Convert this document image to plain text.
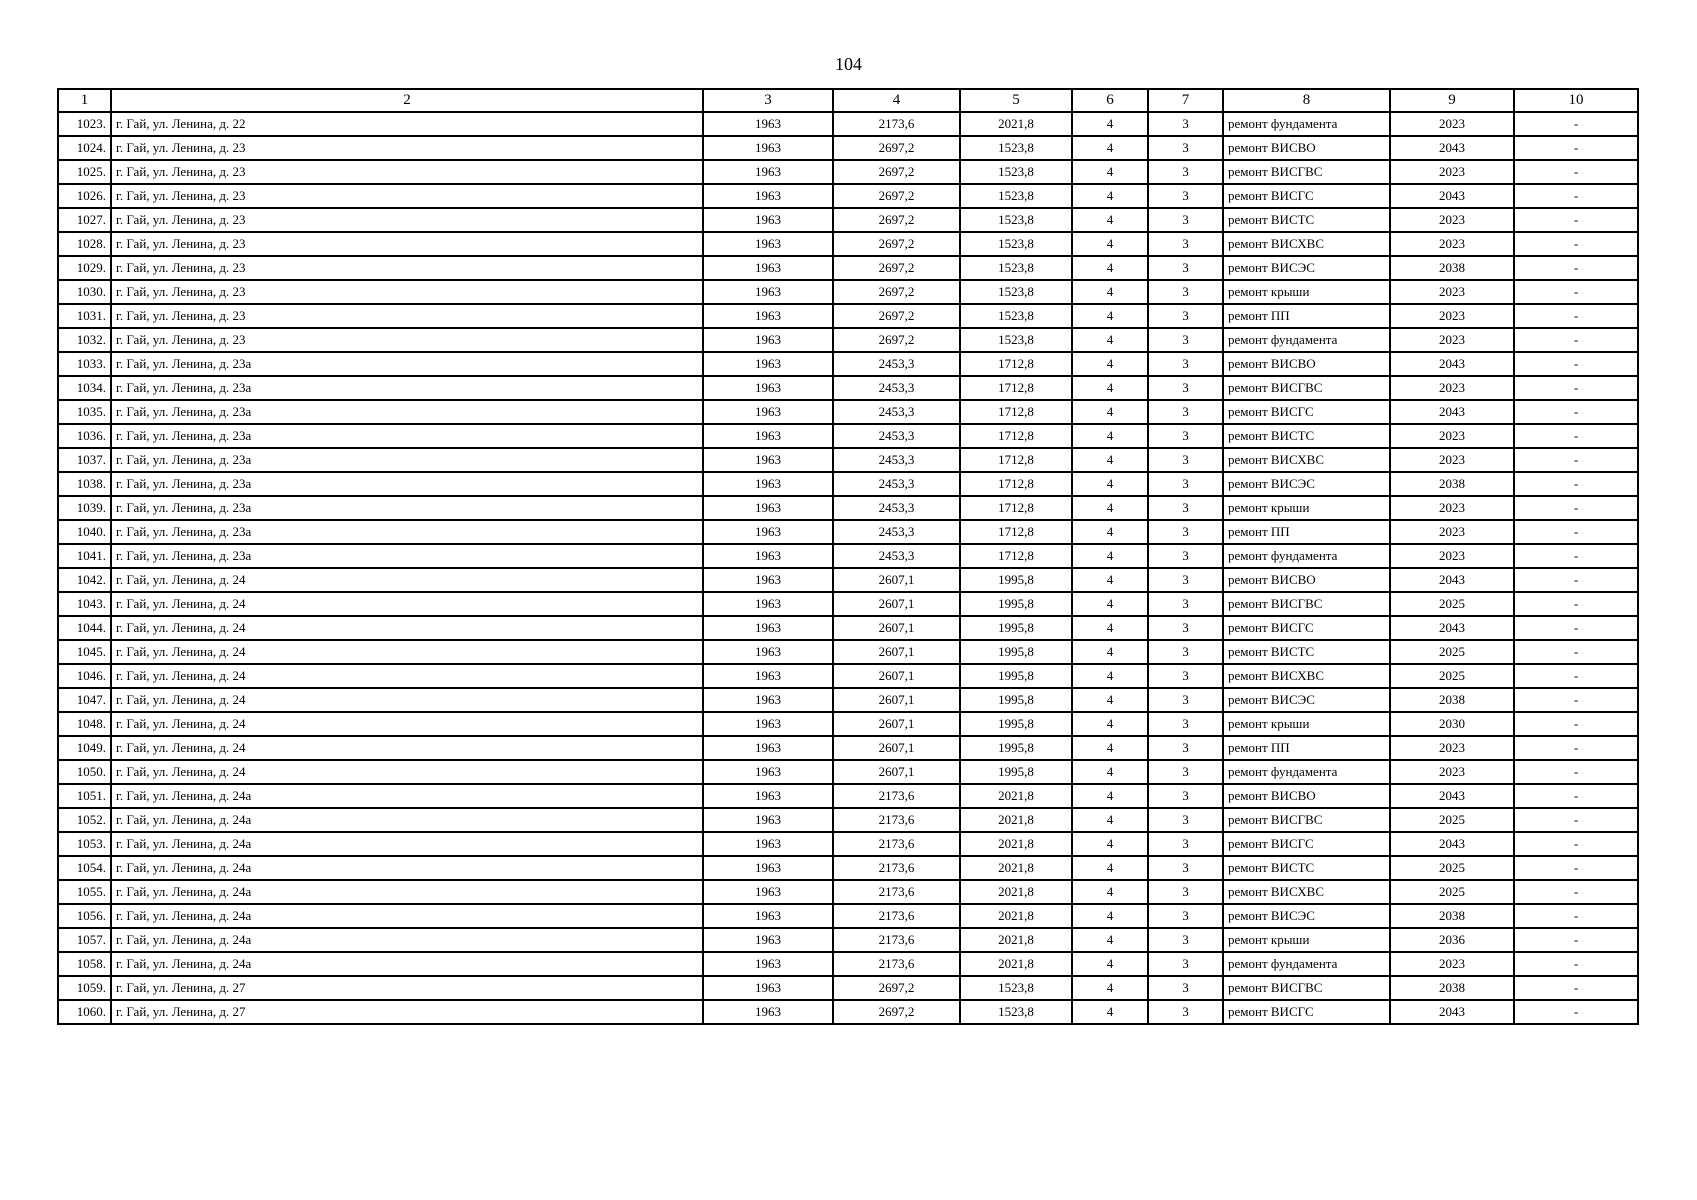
104
1	2	3	4	5	6	7	8	9	10
1023.	г. Гай, ул. Ленина, д. 22	1963	2173,6	2021,8	4	3	ремонт фундамента	2023	-
1024.	г. Гай, ул. Ленина, д. 23	1963	2697,2	1523,8	4	3	ремонт ВИСВО	2043	-
1025.	г. Гай, ул. Ленина, д. 23	1963	2697,2	1523,8	4	3	ремонт ВИСГВС	2023	-
1026.	г. Гай, ул. Ленина, д. 23	1963	2697,2	1523,8	4	3	ремонт ВИСГС	2043	-
1027.	г. Гай, ул. Ленина, д. 23	1963	2697,2	1523,8	4	3	ремонт ВИСТС	2023	-
1028.	г. Гай, ул. Ленина, д. 23	1963	2697,2	1523,8	4	3	ремонт ВИСХВС	2023	-
1029.	г. Гай, ул. Ленина, д. 23	1963	2697,2	1523,8	4	3	ремонт ВИСЭС	2038	-
1030.	г. Гай, ул. Ленина, д. 23	1963	2697,2	1523,8	4	3	ремонт крыши	2023	-
1031.	г. Гай, ул. Ленина, д. 23	1963	2697,2	1523,8	4	3	ремонт ПП	2023	-
1032.	г. Гай, ул. Ленина, д. 23	1963	2697,2	1523,8	4	3	ремонт фундамента	2023	-
1033.	г. Гай, ул. Ленина, д. 23а	1963	2453,3	1712,8	4	3	ремонт ВИСВО	2043	-
1034.	г. Гай, ул. Ленина, д. 23а	1963	2453,3	1712,8	4	3	ремонт ВИСГВС	2023	-
1035.	г. Гай, ул. Ленина, д. 23а	1963	2453,3	1712,8	4	3	ремонт ВИСГС	2043	-
1036.	г. Гай, ул. Ленина, д. 23а	1963	2453,3	1712,8	4	3	ремонт ВИСТС	2023	-
1037.	г. Гай, ул. Ленина, д. 23а	1963	2453,3	1712,8	4	3	ремонт ВИСХВС	2023	-
1038.	г. Гай, ул. Ленина, д. 23а	1963	2453,3	1712,8	4	3	ремонт ВИСЭС	2038	-
1039.	г. Гай, ул. Ленина, д. 23а	1963	2453,3	1712,8	4	3	ремонт крыши	2023	-
1040.	г. Гай, ул. Ленина, д. 23а	1963	2453,3	1712,8	4	3	ремонт ПП	2023	-
1041.	г. Гай, ул. Ленина, д. 23а	1963	2453,3	1712,8	4	3	ремонт фундамента	2023	-
1042.	г. Гай, ул. Ленина, д. 24	1963	2607,1	1995,8	4	3	ремонт ВИСВО	2043	-
1043.	г. Гай, ул. Ленина, д. 24	1963	2607,1	1995,8	4	3	ремонт ВИСГВС	2025	-
1044.	г. Гай, ул. Ленина, д. 24	1963	2607,1	1995,8	4	3	ремонт ВИСГС	2043	-
1045.	г. Гай, ул. Ленина, д. 24	1963	2607,1	1995,8	4	3	ремонт ВИСТС	2025	-
1046.	г. Гай, ул. Ленина, д. 24	1963	2607,1	1995,8	4	3	ремонт ВИСХВС	2025	-
1047.	г. Гай, ул. Ленина, д. 24	1963	2607,1	1995,8	4	3	ремонт ВИСЭС	2038	-
1048.	г. Гай, ул. Ленина, д. 24	1963	2607,1	1995,8	4	3	ремонт крыши	2030	-
1049.	г. Гай, ул. Ленина, д. 24	1963	2607,1	1995,8	4	3	ремонт ПП	2023	-
1050.	г. Гай, ул. Ленина, д. 24	1963	2607,1	1995,8	4	3	ремонт фундамента	2023	-
1051.	г. Гай, ул. Ленина, д. 24а	1963	2173,6	2021,8	4	3	ремонт ВИСВО	2043	-
1052.	г. Гай, ул. Ленина, д. 24а	1963	2173,6	2021,8	4	3	ремонт ВИСГВС	2025	-
1053.	г. Гай, ул. Ленина, д. 24а	1963	2173,6	2021,8	4	3	ремонт ВИСГС	2043	-
1054.	г. Гай, ул. Ленина, д. 24а	1963	2173,6	2021,8	4	3	ремонт ВИСТС	2025	-
1055.	г. Гай, ул. Ленина, д. 24а	1963	2173,6	2021,8	4	3	ремонт ВИСХВС	2025	-
1056.	г. Гай, ул. Ленина, д. 24а	1963	2173,6	2021,8	4	3	ремонт ВИСЭС	2038	-
1057.	г. Гай, ул. Ленина, д. 24а	1963	2173,6	2021,8	4	3	ремонт крыши	2036	-
1058.	г. Гай, ул. Ленина, д. 24а	1963	2173,6	2021,8	4	3	ремонт фундамента	2023	-
1059.	г. Гай, ул. Ленина, д. 27	1963	2697,2	1523,8	4	3	ремонт ВИСГВС	2038	-
1060.	г. Гай, ул. Ленина, д. 27	1963	2697,2	1523,8	4	3	ремонт ВИСГС	2043	-
